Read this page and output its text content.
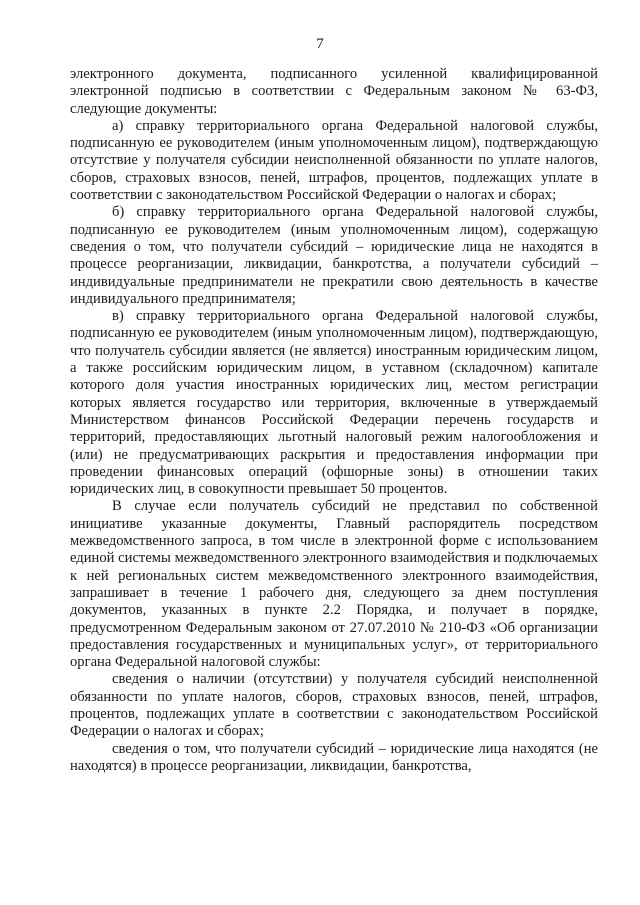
7

электронного документа, подписанного усиленной квалифицированной электронной подписью в соответствии с Федеральным законом № 63-ФЗ, следующие документы:

а) справку территориального органа Федеральной налоговой службы, подписанную ее руководителем (иным уполномоченным лицом), подтверждающую отсутствие у получателя субсидии неисполненной обязанности по уплате налогов, сборов, страховых взносов, пеней, штрафов, процентов, подлежащих уплате в соответствии с законодательством Российской Федерации о налогах и сборах;

б) справку территориального органа Федеральной налоговой службы, подписанную ее руководителем (иным уполномоченным лицом), содержащую сведения о том, что получатели субсидий – юридические лица не находятся в процессе реорганизации, ликвидации, банкротства, а получатели субсидий – индивидуальные предприниматели не прекратили свою деятельность в качестве индивидуального предпринимателя;

в) справку территориального органа Федеральной налоговой службы, подписанную ее руководителем (иным уполномоченным лицом), подтверждающую, что получатель субсидии является (не является) иностранным юридическим лицом, а также российским юридическим лицом, в уставном (складочном) капитале которого доля участия иностранных юридических лиц, местом регистрации которых является государство или территория, включенные в утверждаемый Министерством финансов Российской Федерации перечень государств и территорий, предоставляющих льготный налоговый режим налогообложения и (или) не предусматривающих раскрытия и предоставления информации при проведении финансовых операций (офшорные зоны) в отношении таких юридических лиц, в совокупности превышает 50 процентов.

В случае если получатель субсидий не представил по собственной инициативе указанные документы, Главный распорядитель посредством межведомственного запроса, в том числе в электронной форме с использованием единой системы межведомственного электронного взаимодействия и подключаемых к ней региональных систем межведомственного электронного взаимодействия, запрашивает в течение 1 рабочего дня, следующего за днем поступления документов, указанных в пункте 2.2 Порядка, и получает в порядке, предусмотренном Федеральным законом от 27.07.2010 № 210-ФЗ «Об организации предоставления государственных и муниципальных услуг», от территориального органа Федеральной налоговой службы:

сведения о наличии (отсутствии) у получателя субсидий неисполненной обязанности по уплате налогов, сборов, страховых взносов, пеней, штрафов, процентов, подлежащих уплате в соответствии с законодательством Российской Федерации о налогах и сборах;

сведения о том, что получатели субсидий – юридические лица находятся (не находятся) в процессе реорганизации, ликвидации, банкротства,
